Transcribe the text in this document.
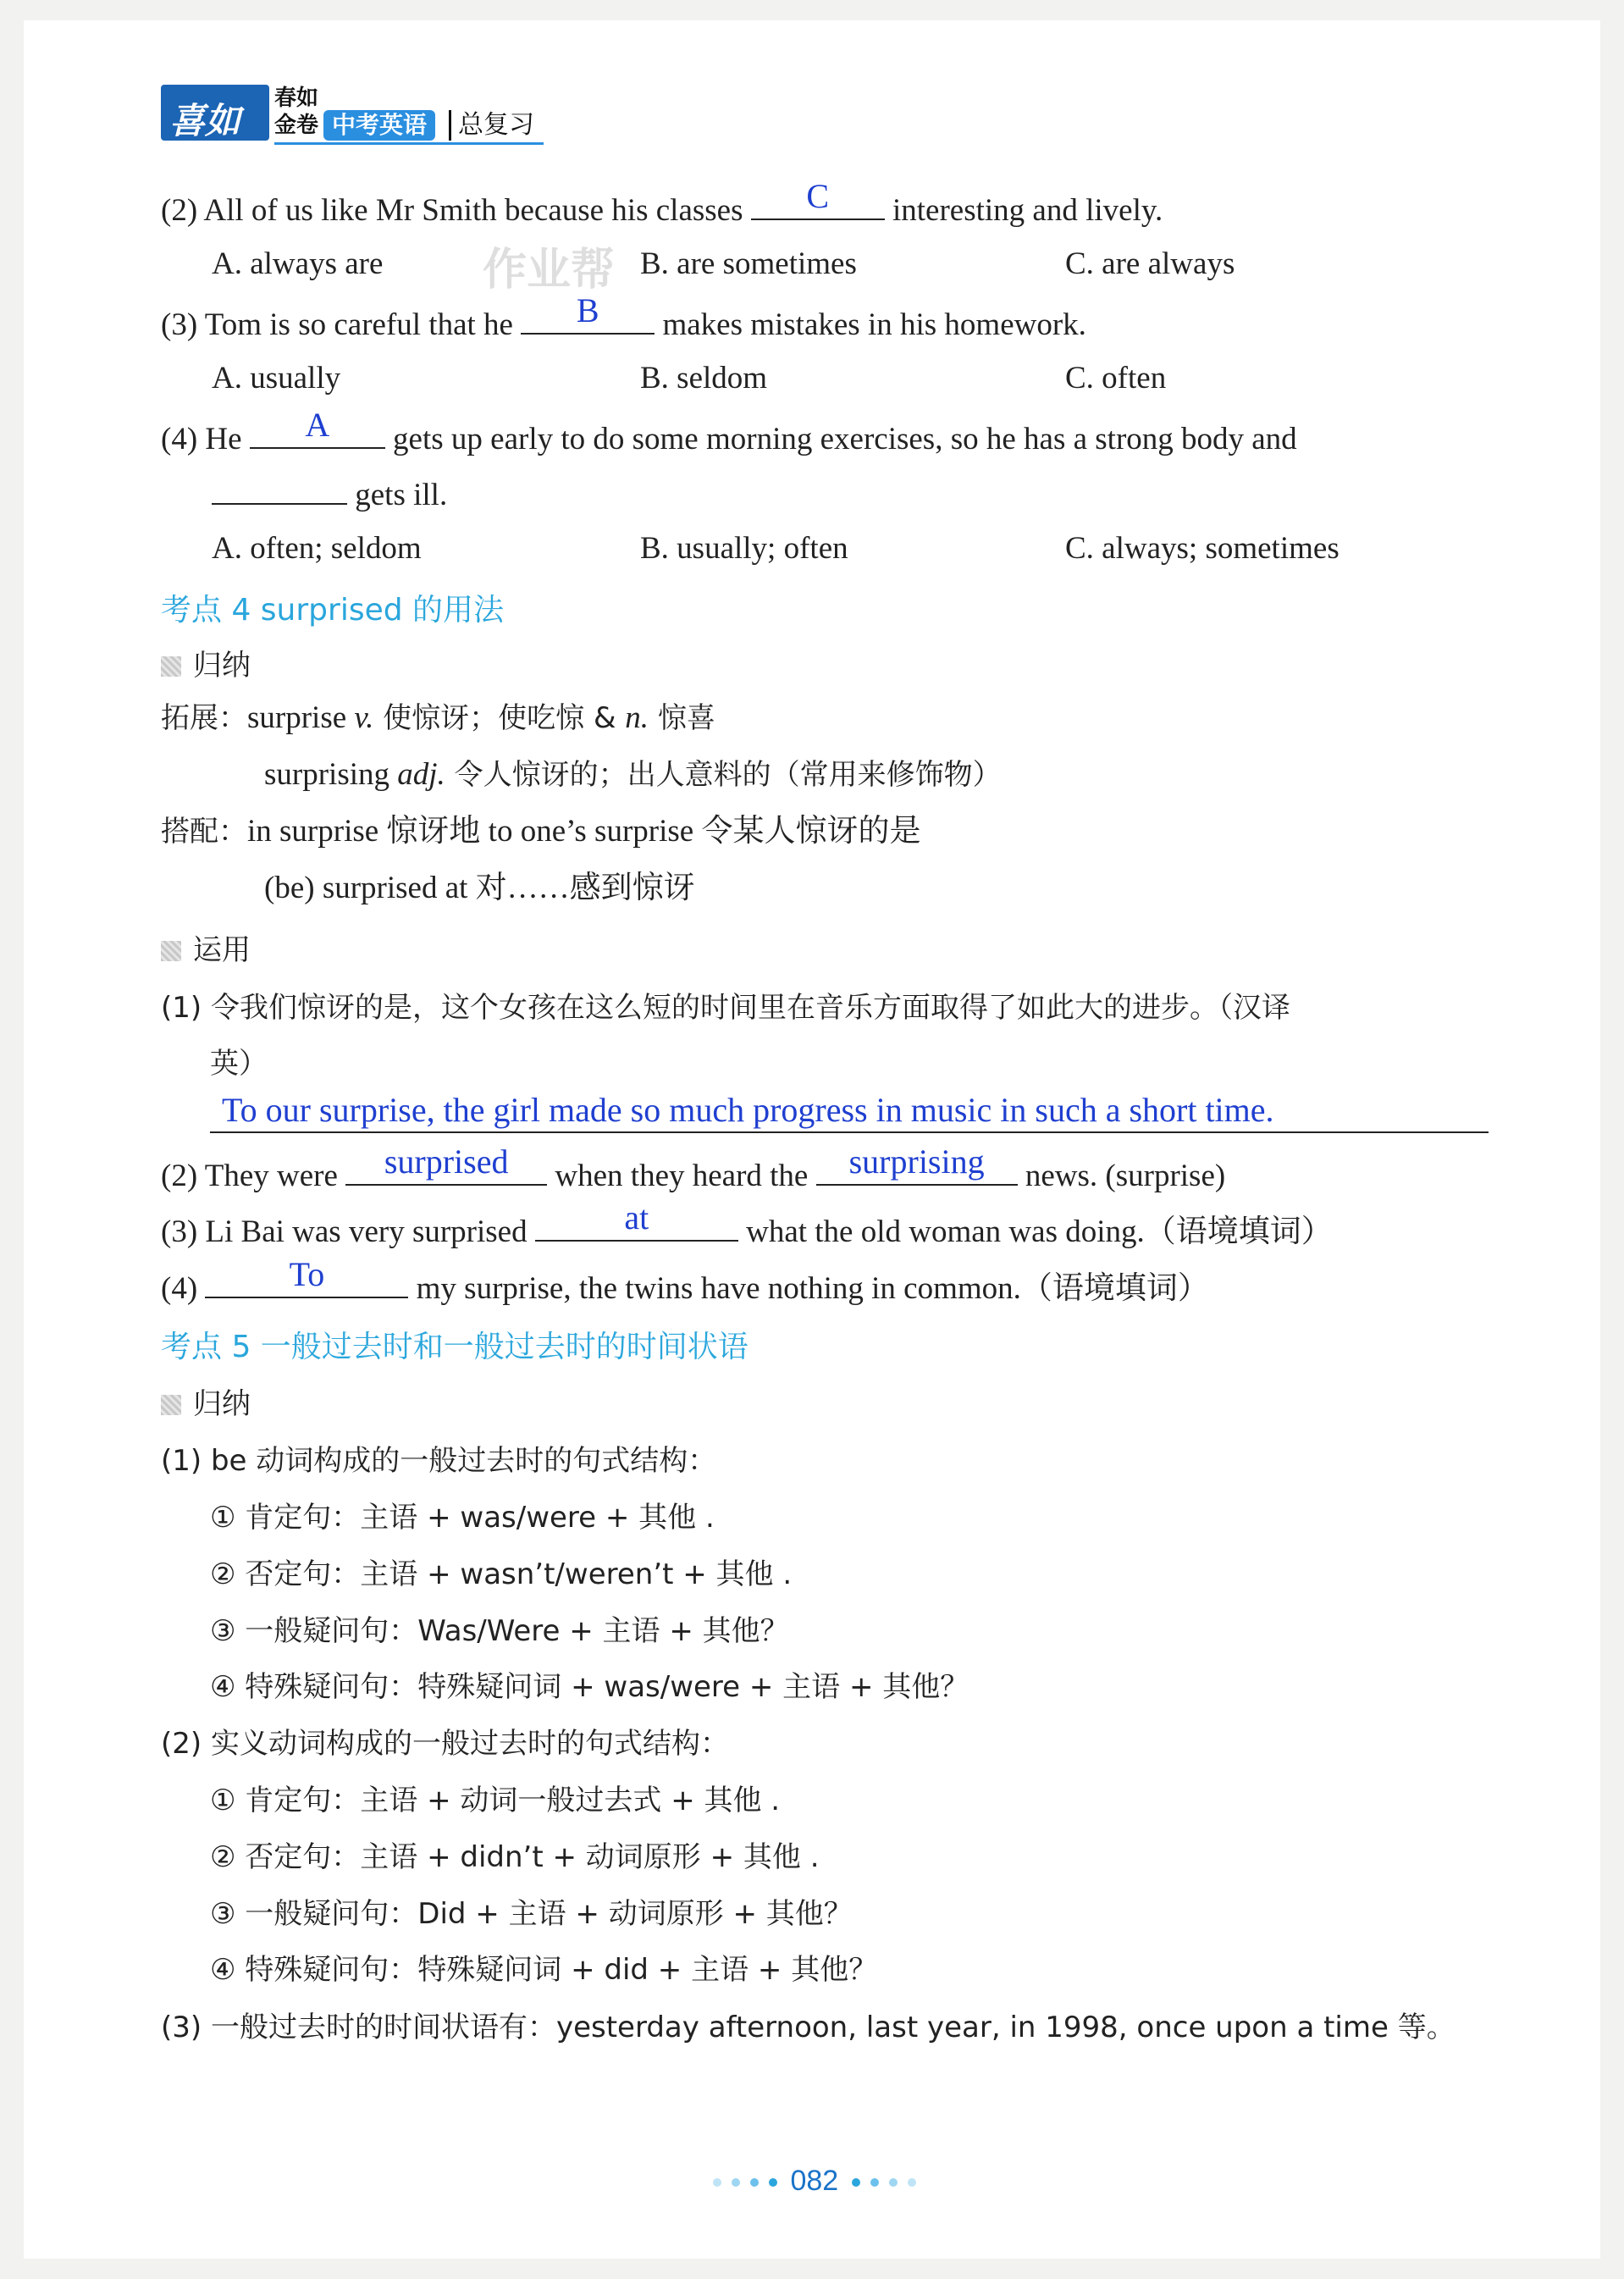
喜如
春如
金卷 中考英语	总复习
(2) All of us like Mr Smith because his classes	C	interesting and lively.
A. always are	B. are sometimes	C. are always
作业帮
(3) Tom is so careful that he	B	makes mistakes in his homework.
A. usually	B. seldom	C. often
(4) He	A	gets up early to do some morning exercises, so he has a strong body and
gets ill.
A. often; seldom	B. usually; often	C. always; sometimes
考点 4 surprised 的用法
归纳
拓展：surprise v. 使惊讶；使吃惊 & n. 惊喜
surprising adj. 令人惊讶的；出人意料的（常用来修饰物）
搭配：in surprise 惊讶地 to one’s surprise 令某人惊讶的是
(be) surprised at 对……感到惊讶
运用
(1) 令我们惊讶的是，这个女孩在这么短的时间里在音乐方面取得了如此大的进步。（汉译
英）
To our surprise, the girl made so much progress in music in such a short time.
(2) They were	surprised	when they heard the	surprising	news. (surprise)
(3) Li Bai was very surprised	at	what the old woman was doing.（语境填词）
(4)	To	my surprise, the twins have nothing in common.（语境填词）
考点 5 一般过去时和一般过去时的时间状语
归纳
(1) be 动词构成的一般过去时的句式结构：
① 肯定句：主语 + was/were + 其他 .
② 否定句：主语 + wasn’t/weren’t + 其他 .
③ 一般疑问句：Was/Were + 主语 + 其他？
④ 特殊疑问句：特殊疑问词 + was/were + 主语 + 其他？
(2) 实义动词构成的一般过去时的句式结构：
① 肯定句：主语 + 动词一般过去式 + 其他 .
② 否定句：主语 + didn’t + 动词原形 + 其他 .
③ 一般疑问句：Did + 主语 + 动词原形 + 其他？
④ 特殊疑问句：特殊疑问词 + did + 主语 + 其他？
(3) 一般过去时的时间状语有：yesterday afternoon, last year, in 1998, once upon a time 等。
082
